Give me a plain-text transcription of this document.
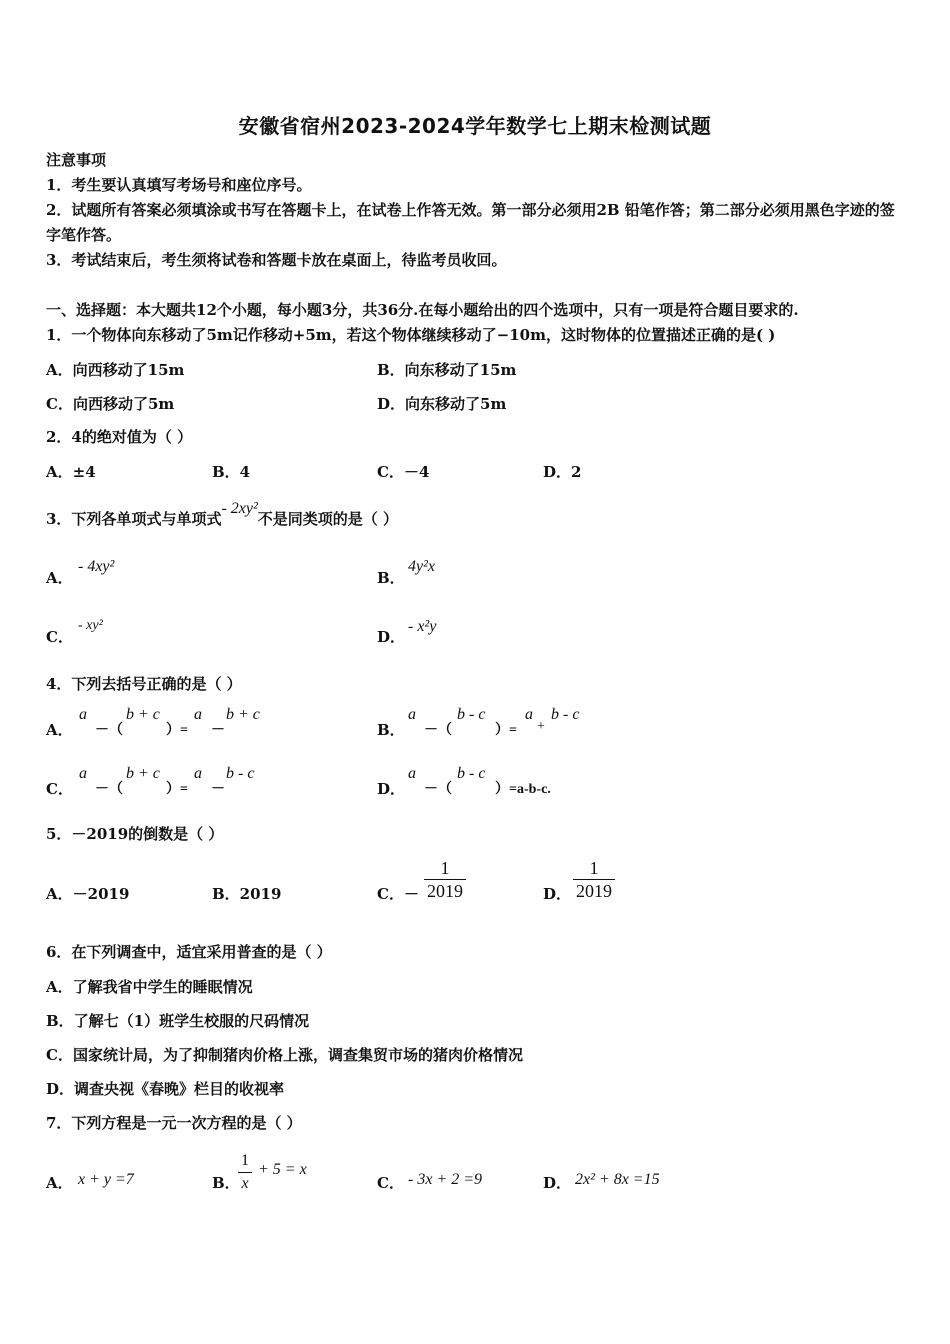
安徽省宿州2023-2024学年数学七上期末检测试题
注意事项
1．考生要认真填写考场号和座位序号。
2．试题所有答案必须填涂或书写在答题卡上，在试卷上作答无效。第一部分必须用2B 铅笔作答；第二部分必须用黑色字迹的签字笔作答。
3．考试结束后，考生须将试卷和答题卡放在桌面上，待监考员收回。
一、选择题：本大题共12个小题，每小题3分，共36分.在每小题给出的四个选项中，只有一项是符合题目要求的.
1．一个物体向东移动了5m记作移动+5m，若这个物体继续移动了−10m，这时物体的位置描述正确的是( )
A．向西移动了15m	B．向东移动了15m
C．向西移动了5m	D．向东移动了5m
2．4的绝对值为（ ）
A．±4	B．4	C．－4	D．2
3．下列各单项式与单项式- 2xy²不是同类项的是（ ）
A．
- 4xy²
B．
4y²x
C．
- xy²
D．
- x²y
4．下列去括号正确的是（ ）
A．
a
－（
b + c
）=
a
－
b + c
B．
a
－（
b - c
）=
a
+
b - c
C．
a
－（
b + c
）=
a
－
b - c
D．
a
－（
b - c
）=a-b-c.
5．－2019的倒数是（ ）
A．－2019	B．2019	C．－ $\frac{1}{2019}$	D． $\frac{1}{2019}$
6．在下列调查中，适宜采用普查的是（ ）
A．了解我省中学生的睡眠情况
B．了解七（1）班学生校服的尺码情况
C．国家统计局，为了抑制猪肉价格上涨，调查集贸市场的猪肉价格情况
D．调查央视《春晚》栏目的收视率
7．下列方程是一元一次方程的是（ ）
A． x + y =7	B．
$\frac{1}{x} + 5 = x$
C． - 3x + 2 =9	D． 2x² + 8x =15
